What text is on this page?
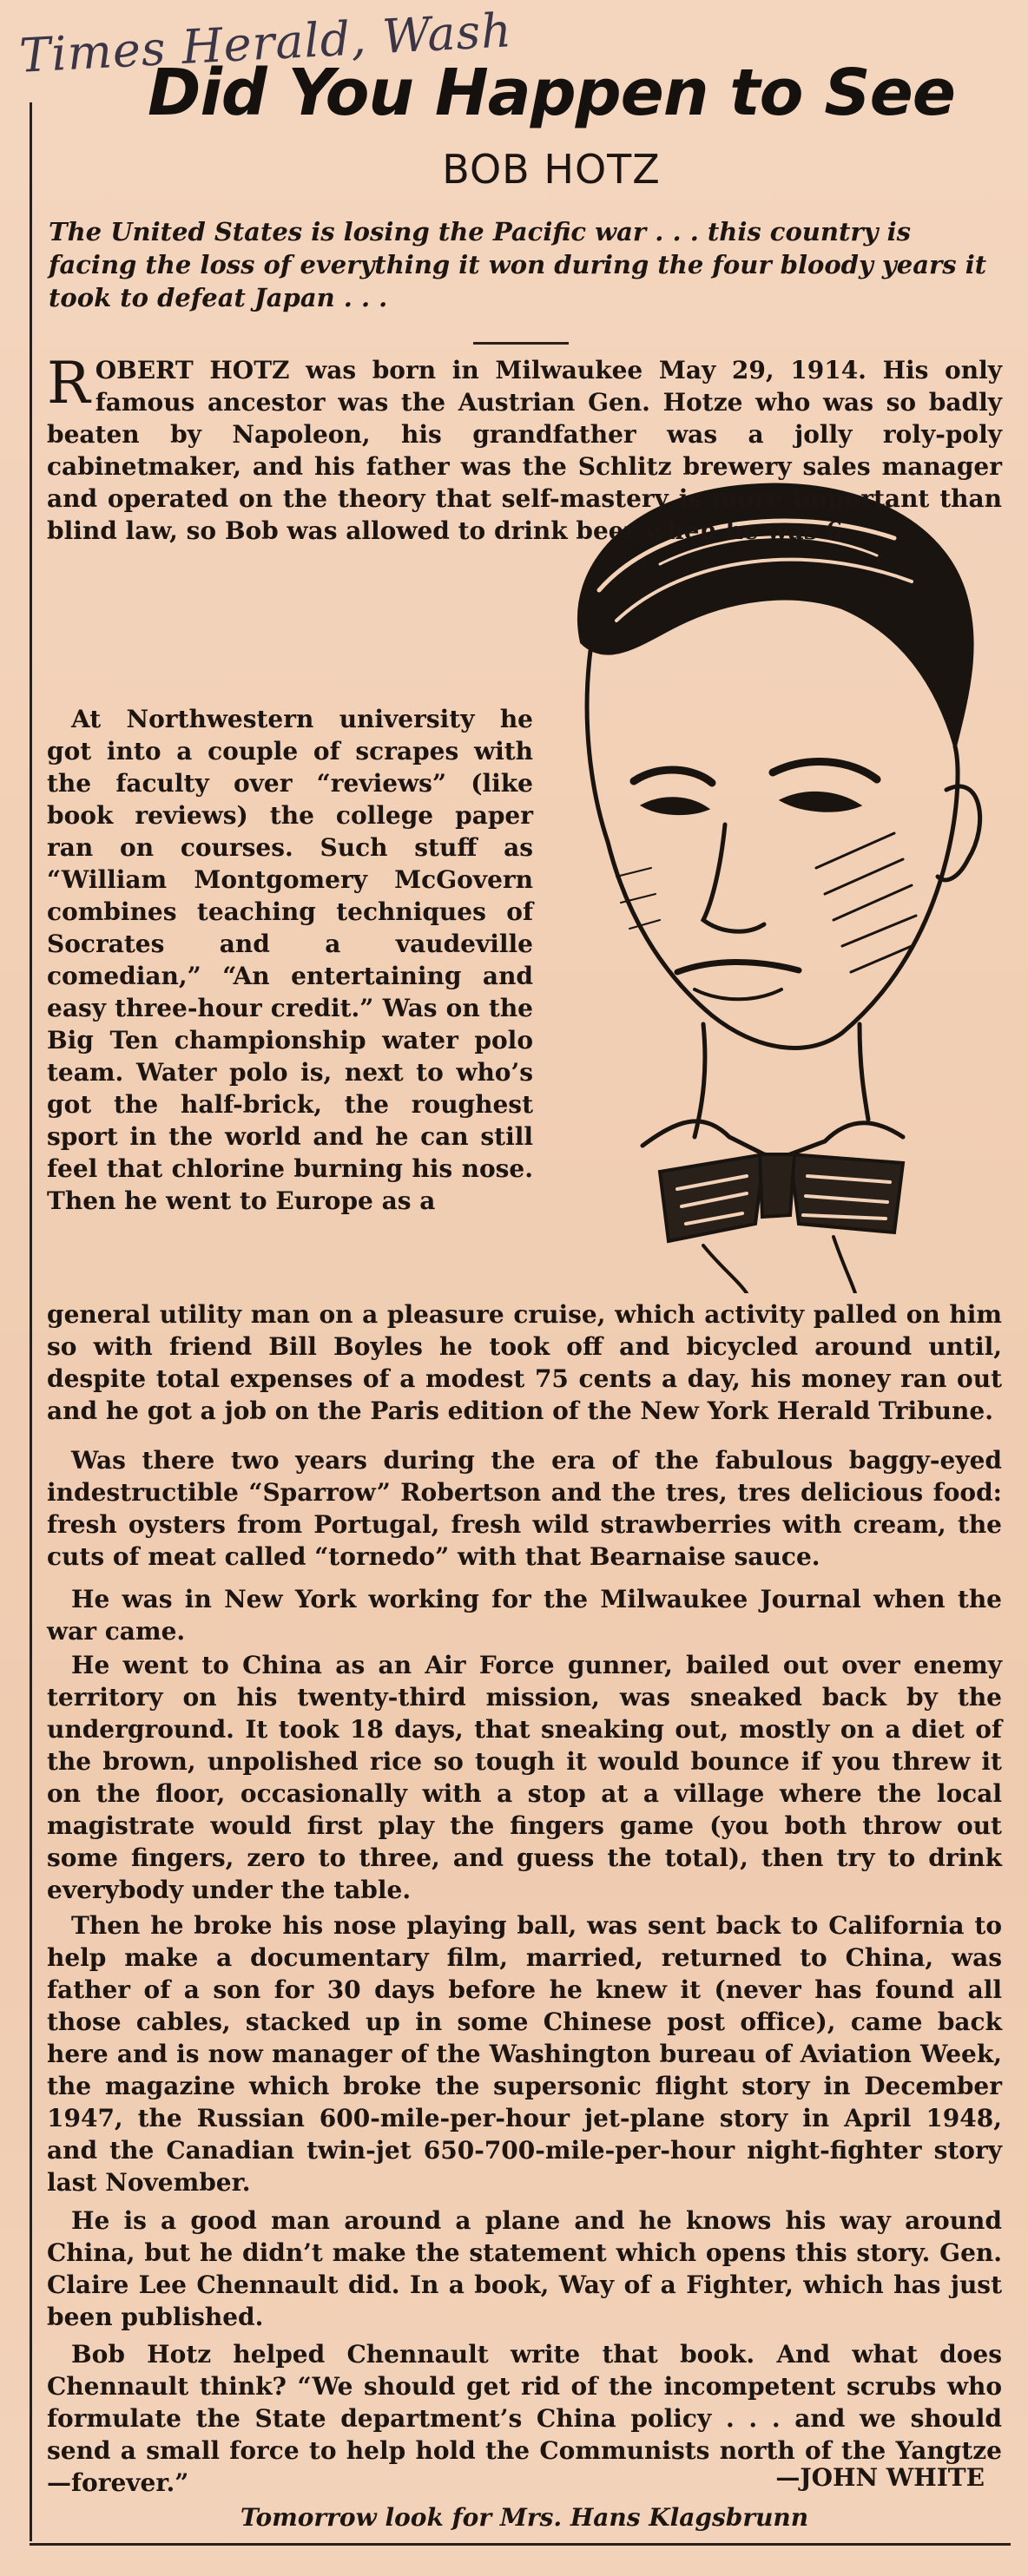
Times Herald, Wash
Did You Happen to See
BOB HOTZ
The United States is losing the Pacific war . . . this country is facing the loss of everything it won during the four bloody years it took to defeat Japan . . .

ROBERT HOTZ was born in Milwaukee May 29, 1914. His only famous ancestor was the Austrian Gen. Hotze who was so badly beaten by Napoleon, his grandfather was a jolly roly-poly cabinetmaker, and his father was the Schlitz brewery sales manager and operated on the theory that self-mastery is more important than blind law, so Bob was allowed to drink beer when he was 6.

At Northwestern university he got into a couple of scrapes with the faculty over “reviews” (like book reviews) the college paper ran on courses. Such stuff as “William Montgomery McGovern combines teaching techniques of Socrates and a vaudeville comedian,” “An entertaining and easy three-hour credit.” Was on the Big Ten championship water polo team. Water polo is, next to who’s got the half-brick, the roughest sport in the world and he can still feel that chlorine burning his nose. Then he went to Europe as a

general utility man on a pleasure cruise, which activity palled on him so with friend Bill Boyles he took off and bicycled around until, despite total expenses of a modest 75 cents a day, his money ran out and he got a job on the Paris edition of the New York Herald Tribune.

Was there two years during the era of the fabulous baggy-eyed indestructible “Sparrow” Robertson and the tres, tres delicious food: fresh oysters from Portugal, fresh wild strawberries with cream, the cuts of meat called “tornedo” with that Bearnaise sauce.

He was in New York working for the Milwaukee Journal when the war came.

He went to China as an Air Force gunner, bailed out over enemy territory on his twenty-third mission, was sneaked back by the underground. It took 18 days, that sneaking out, mostly on a diet of the brown, unpolished rice so tough it would bounce if you threw it on the floor, occasionally with a stop at a village where the local magistrate would first play the fingers game (you both throw out some fingers, zero to three, and guess the total), then try to drink everybody under the table.

Then he broke his nose playing ball, was sent back to California to help make a documentary film, married, returned to China, was father of a son for 30 days before he knew it (never has found all those cables, stacked up in some Chinese post office), came back here and is now manager of the Washington bureau of Aviation Week, the magazine which broke the supersonic flight story in December 1947, the Russian 600-mile-per-hour jet-plane story in April 1948, and the Canadian twin-jet 650-700-mile-per-hour night-fighter story last November.

He is a good man around a plane and he knows his way around China, but he didn’t make the statement which opens this story. Gen. Claire Lee Chennault did. In a book, Way of a Fighter, which has just been published.

Bob Hotz helped Chennault write that book. And what does Chennault think? “We should get rid of the incompetent scrubs who formulate the State department’s China policy . . . and we should send a small force to help hold the Communists north of the Yangtze—forever.”	—JOHN WHITE

Tomorrow look for Mrs. Hans Klagsbrunn
